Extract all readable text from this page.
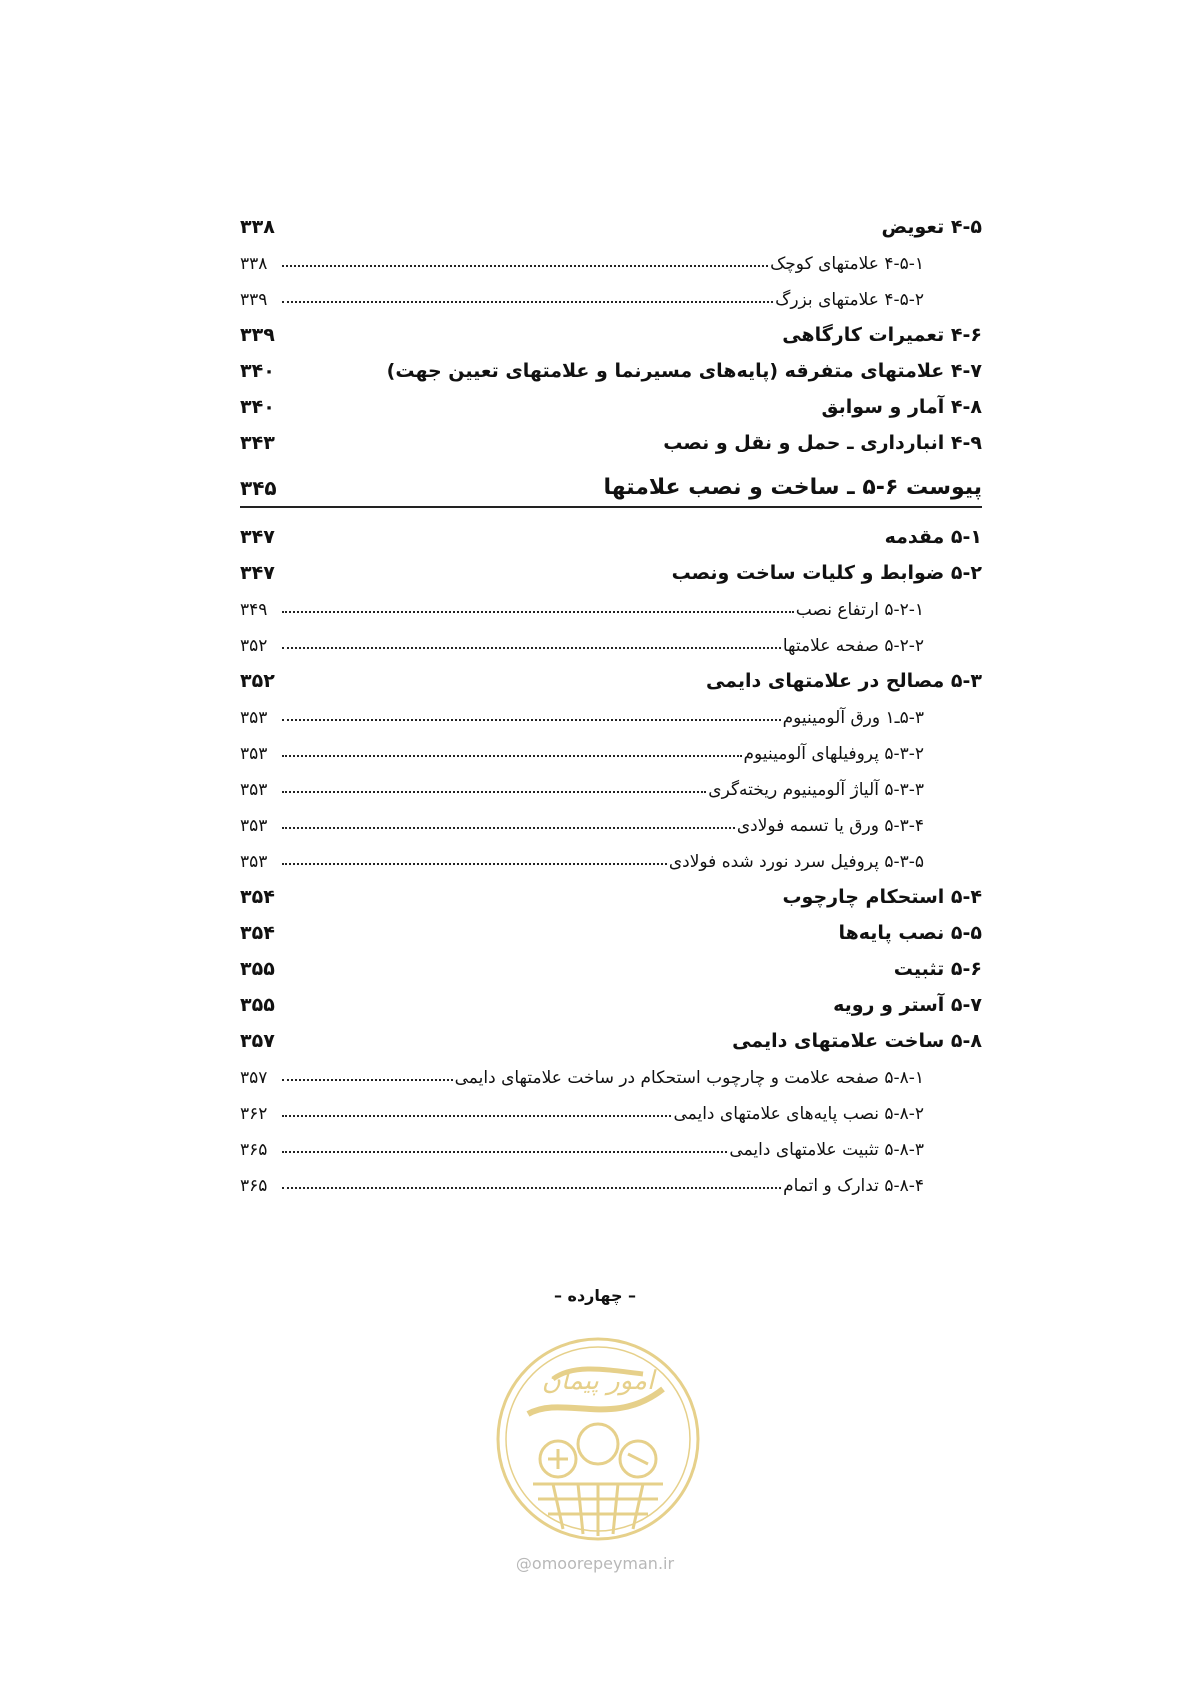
۴-۵ تعویض
۳۳۸
۴-۵-۱ علامتهای کوچک
۳۳۸
۴-۵-۲ علامتهای بزرگ
۳۳۹
۴-۶ تعمیرات کارگاهی
۳۳۹
۴-۷ علامتهای متفرقه (پایه‌های مسیرنما و علامتهای تعیین جهت)
۳۴۰
۴-۸ آمار و سوابق
۳۴۰
۴-۹ انبارداری ـ حمل و نقل و نصب
۳۴۳
پیوست ۶-۵ ـ ساخت و نصب علامتها
۳۴۵
۵-۱ مقدمه
۳۴۷
۵-۲ ضوابط و کلیات ساخت ونصب
۳۴۷
۵-۲-۱ ارتفاع نصب
۳۴۹
۵-۲-۲ صفحه علامتها
۳۵۲
۵-۳ مصالح در علامتهای دایمی
۳۵۲
۵-۳ـ۱ ورق آلومینیوم
۳۵۳
۵-۳-۲ پروفیلهای آلومینیوم
۳۵۳
۵-۳-۳ آلیاژ آلومینیوم ریخته‌گری
۳۵۳
۵-۳-۴ ورق یا تسمه فولادی
۳۵۳
۵-۳-۵ پروفیل سرد نورد شده فولادی
۳۵۳
۵-۴ استحکام چارچوب
۳۵۴
۵-۵ نصب پایه‌ها
۳۵۴
۵-۶ تثبیت
۳۵۵
۵-۷ آستر و رویه
۳۵۵
۵-۸ ساخت علامتهای دایمی
۳۵۷
۵-۸-۱ صفحه علامت و چارچوب استحکام در ساخت علامتهای دایمی
۳۵۷
۵-۸-۲ نصب پایه‌های علامتهای دایمی
۳۶۲
۵-۸-۳ تثبیت علامتهای دایمی
۳۶۵
۵-۸-۴ تدارک و اتمام
۳۶۵
– چهارده –
امور پیمان
@omoorepeyman.ir
